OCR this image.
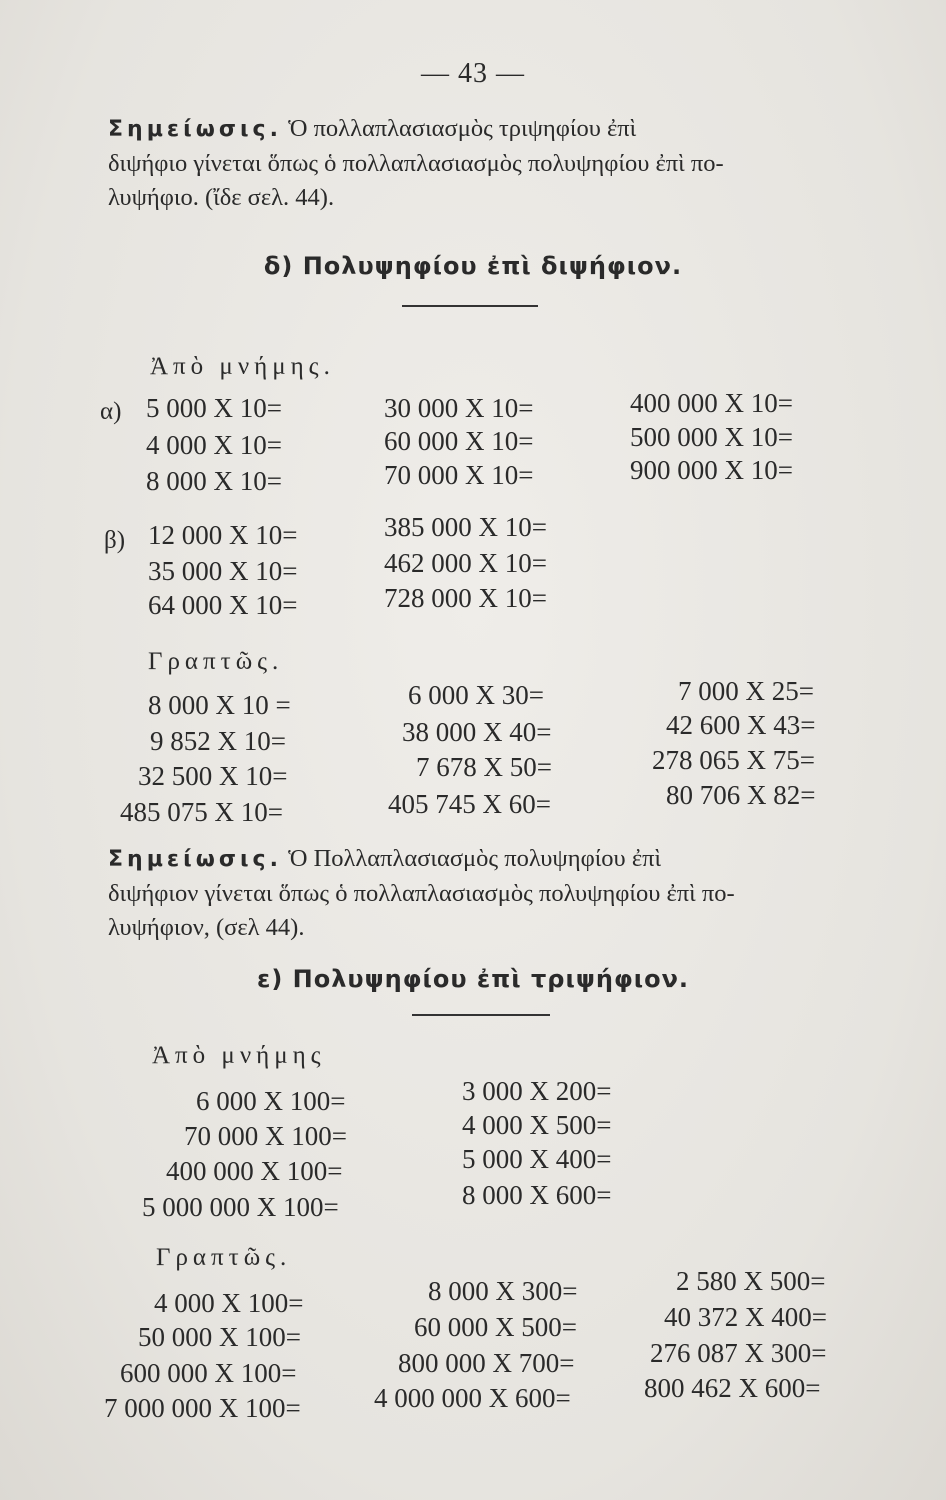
— 43 —

Σημείωσις. Ὁ πολλαπλασιασμὸς τριψηφίου ἐπὶ

διψήφιο γίνεται ὅπως ὁ πολλαπλασιασμὸς πολυψηφίου ἐπὶ πο-

λυψήφιο. (ἴδε σελ. 44).

δ) Πολυψηφίου ἐπὶ διψήφιον.
Ἀπὸ μνήμης.
α) 5 000 X 10=	30 000 X 10=	400 000 X 10=
4 000 X 10=	60 000 X 10=	500 000 X 10=
8 000 X 10=	70 000 X 10=	900 000 X 10=
β) 12 000 X 10=	385 000 X 10=
35 000 X 10=	462 000 X 10=
64 000 X 10=	728 000 X 10=
Γραπτῶς.
8 000 X 10 =	6 000 X 30=	7 000 X 25=
9 852 X 10=	38 000 X 40=	42 600 X 43=
32 500 X 10=	7 678 X 50=	278 065 X 75=
485 075 X 10=	405 745 X 60=	80 706 X 82=

Σημείωσις. Ὁ Πολλαπλασιασμὸς πολυψηφίου ἐπὶ

διψήφιον γίνεται ὅπως ὁ πολλαπλασιασμὸς πολυψηφίου ἐπὶ πο-

λυψήφιον, (σελ 44).

ε) Πολυψηφίου ἐπὶ τριψήφιον.
Ἀπὸ μνήμης
6 000 X 100=	3 000 X 200=
70 000 X 100=	4 000 X 500=
400 000 X 100=	5 000 X 400=
5 000 000 X 100=	8 000 X 600=
Γραπτῶς.
4 000 X 100=	8 000 X 300=	2 580 X 500=
50 000 X 100=	60 000 X 500=	40 372 X 400=
600 000 X 100=	800 000 X 700=	276 087 X 300=
7 000 000 X 100=	4 000 000 X 600=	800 462 X 600=
